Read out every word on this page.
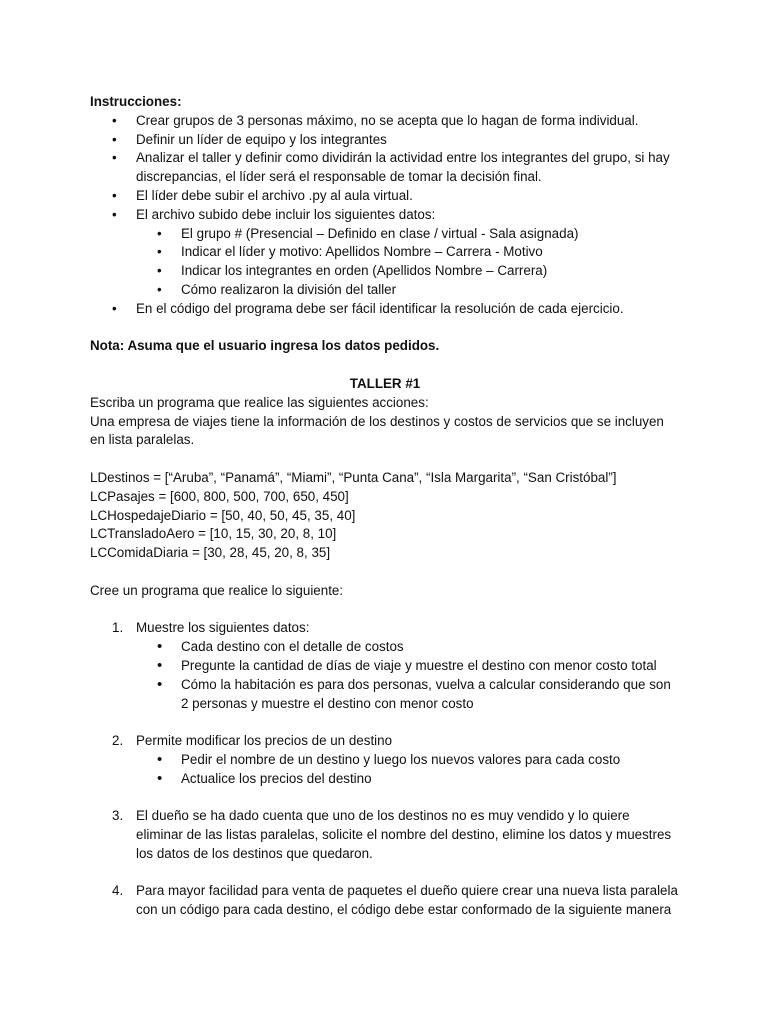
Instrucciones:
• Crear grupos de 3 personas máximo, no se acepta que lo hagan de forma individual.
• Definir un líder de equipo y los integrantes
• Analizar el taller y definir como dividirán la actividad entre los integrantes del grupo, si hay discrepancias, el líder será el responsable de tomar la decisión final.
• El líder debe subir el archivo .py al aula virtual.
• El archivo subido debe incluir los siguientes datos:
• El grupo # (Presencial – Definido en clase / virtual - Sala asignada)
• Indicar el líder y motivo: Apellidos Nombre – Carrera - Motivo
• Indicar los integrantes en orden (Apellidos Nombre – Carrera)
• Cómo realizaron la división del taller
• En el código del programa debe ser fácil identificar la resolución de cada ejercicio.
Nota: Asuma que el usuario ingresa los datos pedidos.
TALLER #1
Escriba un programa que realice las siguientes acciones:
Una empresa de viajes tiene la información de los destinos y costos de servicios que se incluyen en lista paralelas.
LDestinos = [“Aruba”, “Panamá”, “Miami”, “Punta Cana”, “Isla Margarita”, “San Cristóbal”]
LCPasajes = [600, 800, 500, 700, 650, 450]
LCHospedajeDiario = [50, 40, 50, 45, 35, 40]
LCTransladoAero = [10, 15, 30, 20, 8, 10]
LCComidaDiaria = [30, 28, 45, 20, 8, 35]
Cree un programa que realice lo siguiente:
1. Muestre los siguientes datos:
• Cada destino con el detalle de costos
• Pregunte la cantidad de días de viaje y muestre el destino con menor costo total
• Cómo la habitación es para dos personas, vuelva a calcular considerando que son 2 personas y muestre el destino con menor costo
2. Permite modificar los precios de un destino
• Pedir el nombre de un destino y luego los nuevos valores para cada costo
• Actualice los precios del destino
3. El dueño se ha dado cuenta que uno de los destinos no es muy vendido y lo quiere eliminar de las listas paralelas, solicite el nombre del destino, elimine los datos y muestres los datos de los destinos que quedaron.
4. Para mayor facilidad para venta de paquetes el dueño quiere crear una nueva lista paralela con un código para cada destino, el código debe estar conformado de la siguiente manera
